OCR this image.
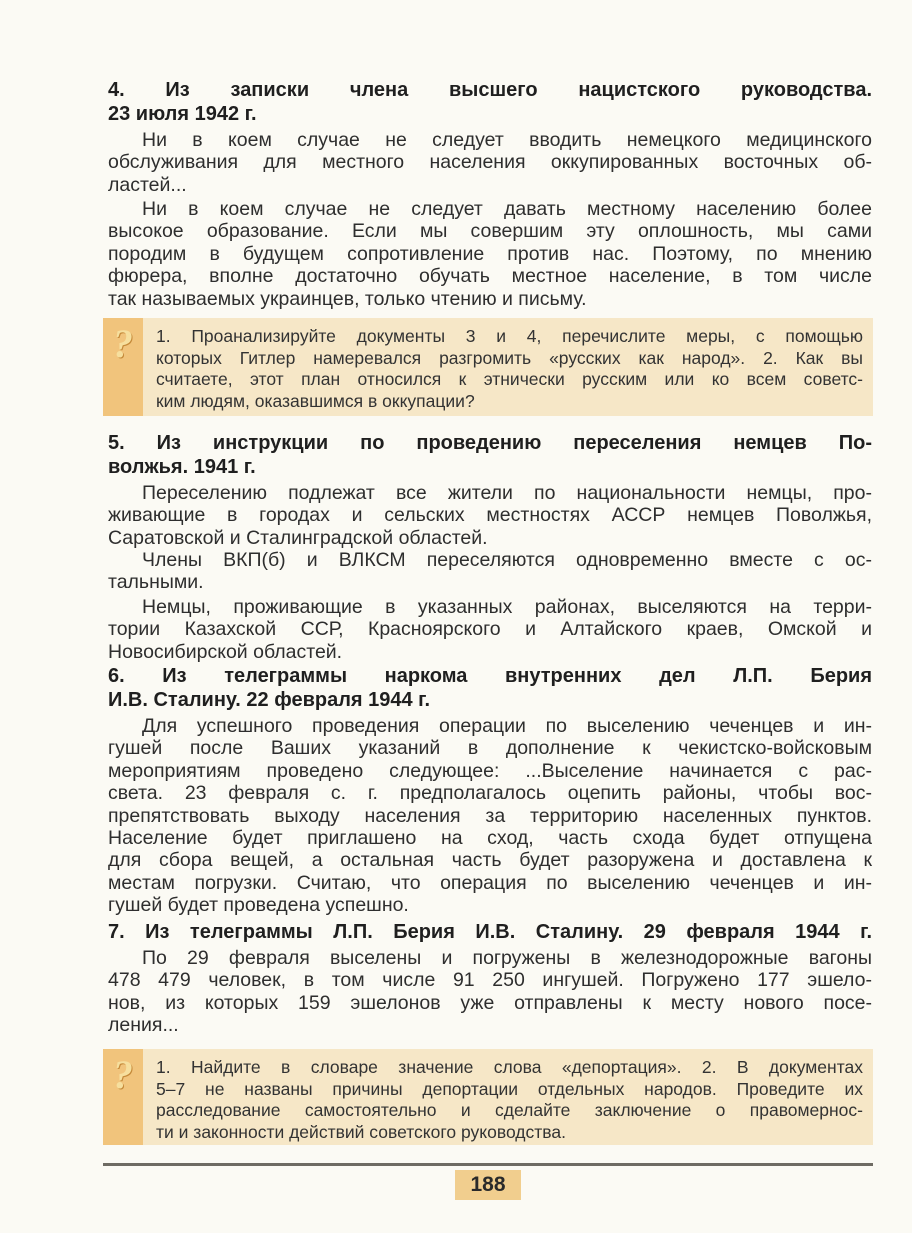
4. Из записки члена высшего нацистского руководства.
23 июля 1942 г.
Ни в коем случае не следует вводить немецкого медицинского
обслуживания для местного населения оккупированных восточных об-
ластей...
Ни в коем случае не следует давать местному населению более
высокое образование. Если мы совершим эту оплошность, мы сами
породим в будущем сопротивление против нас. Поэтому, по мнению
фюрера, вполне достаточно обучать местное население, в том числе
так называемых украинцев, только чтению и письму.
? 1. Проанализируйте документы 3 и 4, перечислите меры, с помощью
которых Гитлер намеревался разгромить «русских как народ». 2. Как вы
считаете, этот план относился к этнически русским или ко всем советс-
ким людям, оказавшимся в оккупации?
5. Из инструкции по проведению переселения немцев По-
волжья. 1941 г.
Переселению подлежат все жители по национальности немцы, про-
живающие в городах и сельских местностях АССР немцев Поволжья,
Саратовской и Сталинградской областей.
Члены ВКП(б) и ВЛКСМ переселяются одновременно вместе с ос-
тальными.
Немцы, проживающие в указанных районах, выселяются на терри-
тории Казахской ССР, Красноярского и Алтайского краев, Омской и
Новосибирской областей.
6. Из телеграммы наркома внутренних дел Л.П. Берия
И.В. Сталину. 22 февраля 1944 г.
Для успешного проведения операции по выселению чеченцев и ин-
гушей после Ваших указаний в дополнение к чекистско-войсковым
мероприятиям проведено следующее: ...Выселение начинается с рас-
света. 23 февраля с. г. предполагалось оцепить районы, чтобы вос-
препятствовать выходу населения за территорию населенных пунктов.
Население будет приглашено на сход, часть схода будет отпущена
для сбора вещей, а остальная часть будет разоружена и доставлена к
местам погрузки. Считаю, что операция по выселению чеченцев и ин-
гушей будет проведена успешно.
7. Из телеграммы Л.П. Берия И.В. Сталину. 29 февраля 1944 г.
По 29 февраля выселены и погружены в железнодорожные вагоны
478 479 человек, в том числе 91 250 ингушей. Погружено 177 эшело-
нов, из которых 159 эшелонов уже отправлены к месту нового посе-
ления...
? 1. Найдите в словаре значение слова «депортация». 2. В документах
5–7 не названы причины депортации отдельных народов. Проведите их
расследование самостоятельно и сделайте заключение о правомернос-
ти и законности действий советского руководства.
188
